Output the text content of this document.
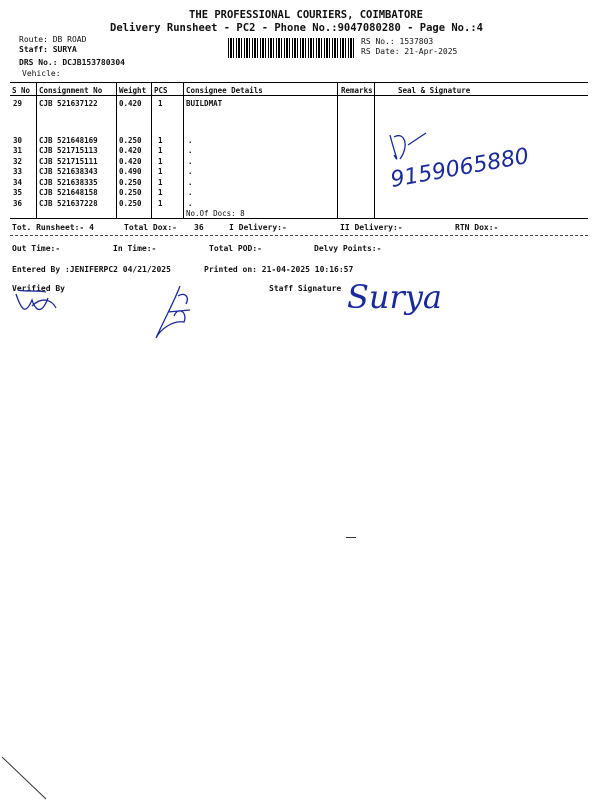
THE PROFESSIONAL COURIERS, COIMBATORE
Delivery Runsheet - PC2 - Phone No.:9047080280 - Page No.:4
Route: DB ROAD
Staff: SURYA
DRS No.: DCJB153780304
Vehicle:
RS No.: 1537803
RS Date: 21-Apr-2025
S No Consignment No Weight PCS Consignee Details	Remarks	Seal & Signature
29 CJB 521637122	0.420 1	BUILDMAT
30 CJB 521648169	0.250 1	.
31 CJB 521715113	0.420 1	.
32 CJB 521715111	0.420 1	.
33 CJB 521638343	0.490 1	.
34 CJB 521638335	0.250 1	.
35 CJB 521648158	0.250 1	.
36 CJB 521637228	0.250 1	.
No.Of Docs: 8
Tot. Runsheet:- 4	Total Dox:- 36	I Delivery:-	II Delivery:-	RTN Dox:-
Out Time:-	In Time:-	Total POD:-	Delvy Points:-
Entered By :JENIFERPC2 04/21/2025	Printed on: 21-04-2025 10:16:57
Verified By	Staff Signature
9159065880
Surya
